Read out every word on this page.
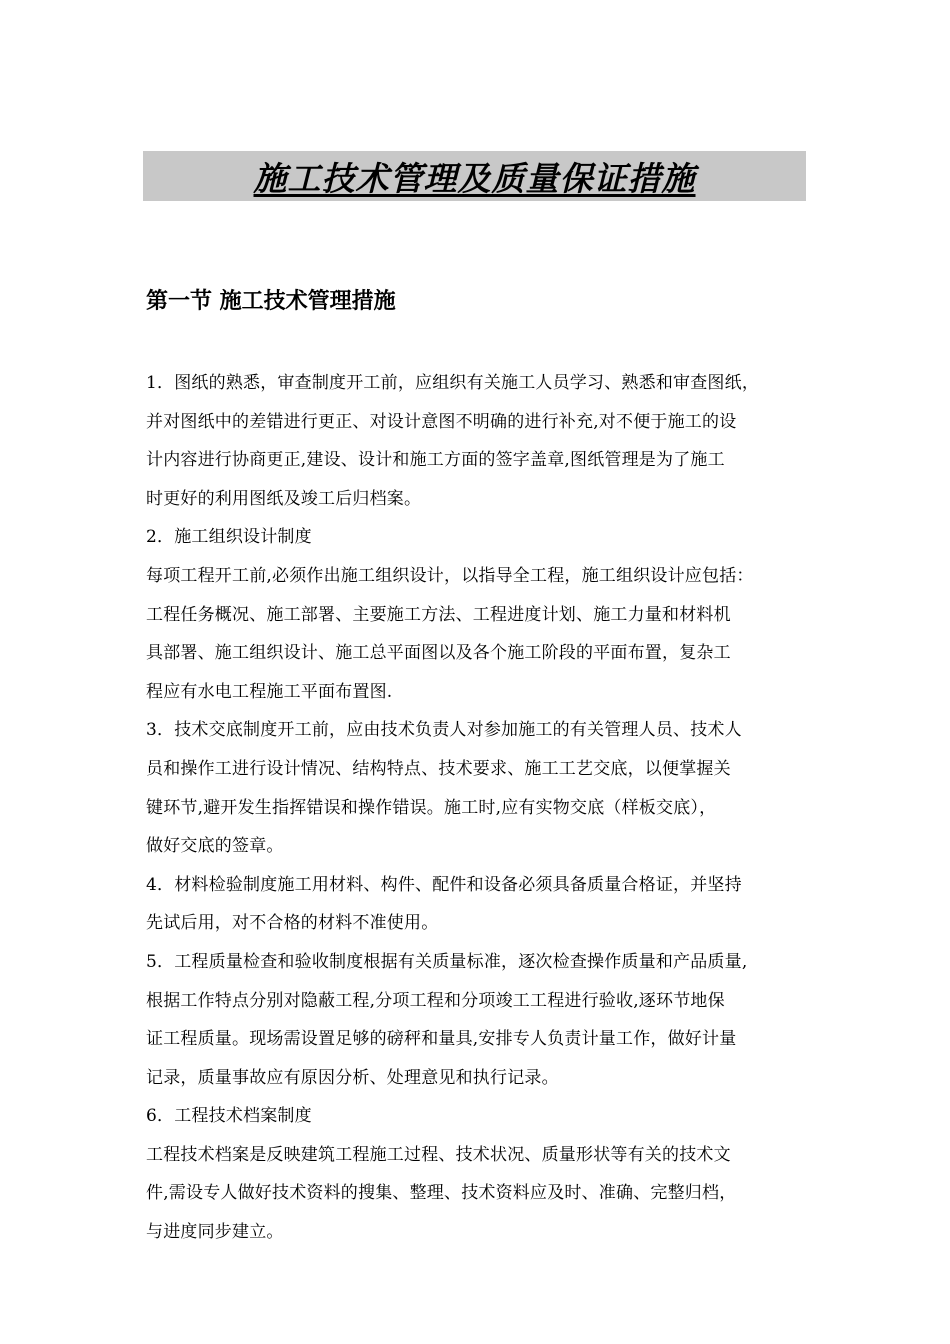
施工技术管理及质量保证措施
第一节 施工技术管理措施
1．图纸的熟悉，审查制度开工前，应组织有关施工人员学习、熟悉和审查图纸，
并对图纸中的差错进行更正、对设计意图不明确的进行补充,对不便于施工的设
计内容进行协商更正,建设、设计和施工方面的签字盖章,图纸管理是为了施工
时更好的利用图纸及竣工后归档案。
2．施工组织设计制度
每项工程开工前,必须作出施工组织设计，以指导全工程，施工组织设计应包括：
工程任务概况、施工部署、主要施工方法、工程进度计划、施工力量和材料机
具部署、施工组织设计、施工总平面图以及各个施工阶段的平面布置，复杂工
程应有水电工程施工平面布置图.
3．技术交底制度开工前，应由技术负责人对参加施工的有关管理人员、技术人
员和操作工进行设计情况、结构特点、技术要求、施工工艺交底，以便掌握关
键环节,避开发生指挥错误和操作错误。施工时,应有实物交底（样板交底），
做好交底的签章。
4．材料检验制度施工用材料、构件、配件和设备必须具备质量合格证，并坚持
先试后用，对不合格的材料不准使用。
5．工程质量检查和验收制度根据有关质量标准，逐次检查操作质量和产品质量,
根据工作特点分别对隐蔽工程,分项工程和分项竣工工程进行验收,逐环节地保
证工程质量。现场需设置足够的磅秤和量具,安排专人负责计量工作，做好计量
记录，质量事故应有原因分析、处理意见和执行记录。
6．工程技术档案制度
工程技术档案是反映建筑工程施工过程、技术状况、质量形状等有关的技术文
件,需设专人做好技术资料的搜集、整理、技术资料应及时、准确、完整归档，
与进度同步建立。
